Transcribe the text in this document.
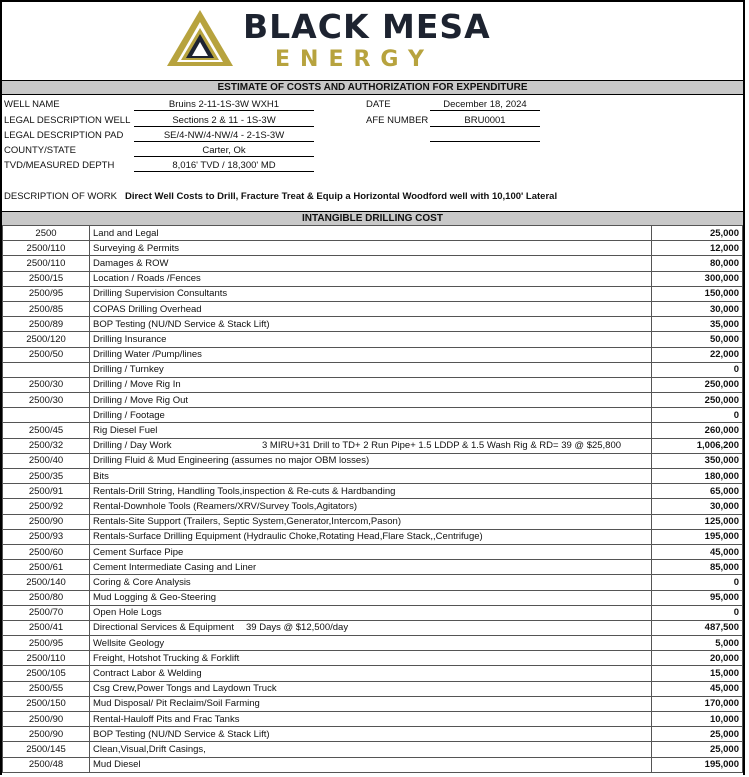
BLACK MESA
ENERGY
ESTIMATE OF COSTS AND AUTHORIZATION FOR EXPENDITURE
WELL NAME	Bruins 2-11-1S-3W WXH1
LEGAL DESCRIPTION WELL	Sections 2 & 11 - 1S-3W
LEGAL DESCRIPTION PAD	SE/4-NW/4-NW/4 - 2-1S-3W
COUNTY/STATE	Carter, Ok
TVD/MEASURED DEPTH	8,016' TVD / 18,300' MD
DATE	December 18, 2024
AFE NUMBER	BRU0001
DESCRIPTION OF WORK Direct Well Costs to Drill, Fracture Treat & Equip a Horizontal Woodford well with 10,100' Lateral
INTANGIBLE DRILLING COST
2500	Land and Legal	25,000
2500/110	Surveying & Permits	12,000
2500/110	Damages & ROW	80,000
2500/15	Location / Roads /Fences	300,000
2500/95	Drilling Supervision Consultants	150,000
2500/85	COPAS Drilling Overhead	30,000
2500/89	BOP Testing (NU/ND Service & Stack Lift)	35,000
2500/120	Drilling Insurance	50,000
2500/50	Drilling Water /Pump/lines	22,000
	Drilling / Turnkey	0
2500/30	Drilling / Move Rig In	250,000
2500/30	Drilling / Move Rig Out	250,000
	Drilling / Footage	0
2500/45	Rig Diesel Fuel	260,000
2500/32	Drilling / Day Work 3 MIRU+31 Drill to TD+ 2 Run Pipe+ 1.5 LDDP & 1.5 Wash Rig & RD= 39 @ $25,800	1,006,200
2500/40	Drilling Fluid & Mud Engineering (assumes no major OBM losses)	350,000
2500/35	Bits	180,000
2500/91	Rentals-Drill String, Handling Tools,inspection & Re-cuts & Hardbanding	65,000
2500/92	Rental-Downhole Tools (Reamers/XRV/Survey Tools,Agitators)	30,000
2500/90	Rentals-Site Support (Trailers, Septic System,Generator,Intercom,Pason)	125,000
2500/93	Rentals-Surface Drilling Equipment (Hydraulic Choke,Rotating Head,Flare Stack,,Centrifuge)	195,000
2500/60	Cement Surface Pipe	45,000
2500/61	Cement Intermediate Casing and Liner	85,000
2500/140	Coring & Core Analysis	0
2500/80	Mud Logging & Geo-Steering	95,000
2500/70	Open Hole Logs	0
2500/41	Directional Services & Equipment 39 Days @ $12,500/day	487,500
2500/95	Wellsite Geology	5,000
2500/110	Freight, Hotshot Trucking & Forklift	20,000
2500/105	Contract Labor & Welding	15,000
2500/55	Csg Crew,Power Tongs and Laydown Truck	45,000
2500/150	Mud Disposal/ Pit Reclaim/Soil Farming	170,000
2500/90	Rental-Hauloff Pits and Frac Tanks	10,000
2500/90	BOP Testing (NU/ND Service & Stack Lift)	25,000
2500/145	Clean,Visual,Drift Casings,	25,000
2500/48	Mud Diesel	195,000
